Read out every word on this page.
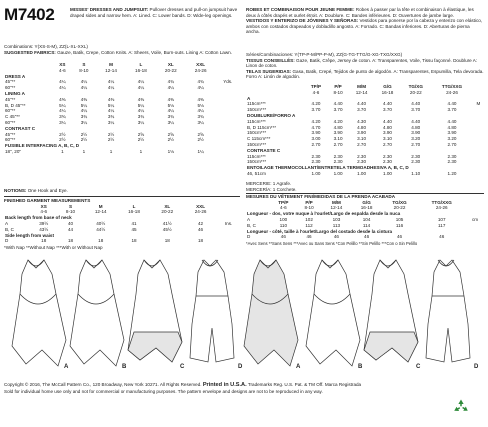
M7402	MISSES' DRESSES AND JUMPSUIT: Pullover dresses and pull-on jumpsuit have draped sides and narrow hem. A: Lined. C: Lower bands. D: Wide-leg openings.
ROBES ET COMBINAISON POUR JEUNE FEMME: Robes à passer par la tête et combinaison à élastique, les deux à côtés drapés et ourlet étroit. A: Doublure. C: Bandes inférieures. D: Ouvertures de jambe large.
VESTIDOS Y ENTERIZO DE JÓVENES Y SEÑORAS: Vestidos para ponerse por la cabeza y enterizo con elástico, ambos con costados drapeados y dobladillo angosto. A: Forrado. C: Bandas inferiores. D: Aberturas de pierna ancha.
Combinations: Y(XS-S-M), ZZ(L-XL-XXL)
SUGGESTED FABRICS: Gauze, Batik, Crepe, Cotton Knits. A: Sheers, Voile, Burn-outs. Lining A: Cotton Lawn.
	XS	S	M	L	XL	XXL	
	4-6	8-10	12-14	16-18	20-22	24-26	
DRESS A							
45"**	4¼	4¼	4¼	4¼	4¾	4¾	Yds.
60"**	4¼	4¼	4¼	4¼	4¼	4¼	
LINING A							
45"**	4⅜	4⅜	4⅜	4⅜	4⅜	4⅜	
B, D 45"**	5¼	5¼	5¼	5¼	5⅛	5⅛	
60"**	4¼	4¼	4¼	4¼	4¼	4¼	
C 45"**	3¾	3¾	3¾	3¾	3¾	3¾	
60"**	3¼	3¼	3¼	3¼	3¼	3¼	
CONTRAST C							
45"**	2½	2½	2½	2⅝	2⅝	2⅝	
60"**	2½	2½	2½	2½	2½	2½	
FUSIBLE INTERFACING A, B, C, D							
18", 20"	1	1	1	1	1⅛	1¼	
NOTIONS: One Hook and Eye.
FINISHED GARMENT MEASUREMENTS
	XS	S	M	L	XL	XXL	
	4-6	8-10	12-14	16-18	20-22	24-26	
Back length from base of neck							
A	39½	40	40½	41	41½	42	Ins.
B, C	43½	44	44½	45	45½	46	
Side length from waist							
D	18	18	18	18	18	18	
*With Nap **Without Nap ***With or Without Nap
Séries/Combinaciones: Y(TP-P-M/PP-P-M), ZZ(G-TG-TTG/G-XG-TXG/XXG)
TISSUS CONSEILLÉS: Gaze, Batik, Crêpe, Jersey de coton. A: Transparentes, Voile, Tissu façonné. Doublure A: Linon de coton.
TELAS SUGERIDAS: Gasa, Batik, Crepé, Tejidos de punto de algodón. A: Transparentes, Espumilla, Tela devorada. Forro A: Linón de algodón.
	TP/P	P/P	M/M	G/G	TG/XG	TTG/XXG	
	4-6	8-10	12-14	16-18	20-22	24-26	
A							
115cm***	4.20	4.40	4.40	4.40	4.40	4.40	M
150cm***	3.70	3.70	3.70	3.70	3.70	3.70	
DOUBLURE/FORRO A							
115cm***	4.20	4.20	4.30	4.40	4.40	4.40	
B, D 115cm***	4.70	4.80	4.80	4.80	4.80	4.80	
150cm***	3.90	3.90	3.90	3.90	3.90	3.90	
C 115cm***	3.00	3.10	3.10	3.10	3.20	3.20	
150cm***	2.70	2.70	2.70	2.70	2.70	2.70	
CONTRASTE C							
115cm***	2.30	2.30	2.30	2.30	2.30	2.30	
150cm***	2.30	2.30	2.30	2.30	2.30	2.30	
ENTOILAGE THERMOCOLLANT/ENTRETELA TERMOADHESIVA A, B, C, D							
46, 51cm	1.00	1.00	1.00	1.00	1.10	1.20	
MERCERIE: 1 Agrafe.
MERCERÍA: 1 Corchete.
MESURES DU VÊTEMENT FINI/MEDIDAS DE LA PRENDA ACABADA
	TP/P	P/P	M/M	G/G	TG/XG	TTG/XXG	
	4-6	8-10	12-14	16-18	20-22	24-26	
Longueur - dos, votre nuque à l'ourlet/Largo de espalda desde la nuca							
A	100	102	103	104	105	107	cm
B, C	110	112	113	114	116	117	
Longueur - côté, taille à l'ourlet/Largo del costado desde la cintura							
D	46	46	46	46	46	46	
*Avec Sens **Sans Sens ***Avec ou Sans Sens *Con Pelillo **Sin Pelillo ***Con o Sin Pelillo
A	B	C	D	A	B	C	D
Copyright © 2016, The McCall Pattern Co., 120 Broadway, New York 10271. All Rights Reserved. Printed in U.S.A. Trademarks Reg. U.S. Pat. & TM Off. Marca Registrada
Sold for individual home use only and not for commercial or manufacturing purposes. The pattern envelope and designs are not to be reproduced in any way.
